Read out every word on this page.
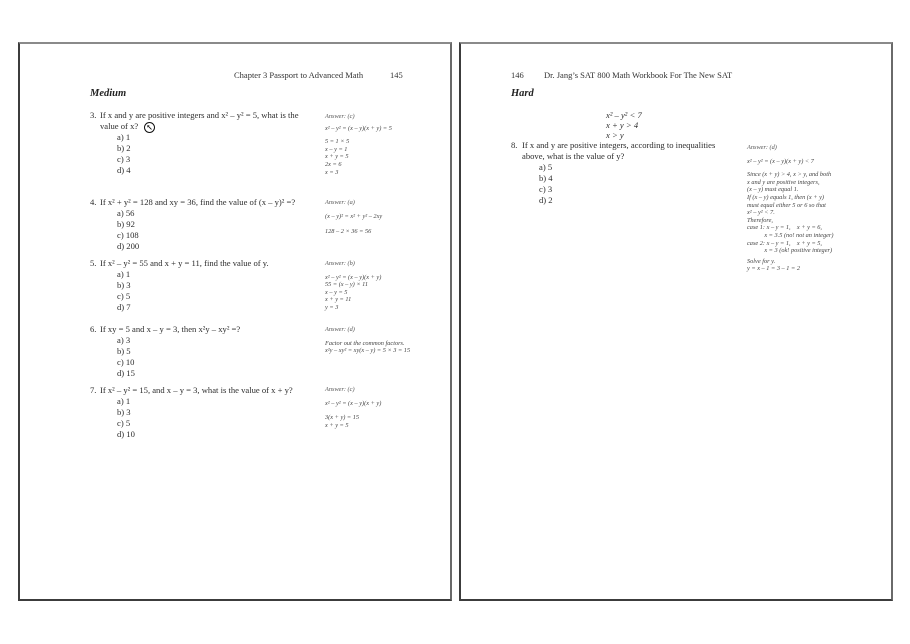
Chapter 3 Passport to Advanced Math	145
Medium
3. If x and y are positive integers and x² – y² = 5, what is the
value of x?
a) 1
b) 2
c) 3
d) 4
Answer: (c)
x² – y² = (x – y)(x + y) = 5
5 = 1 × 5
x – y = 1
x + y = 5
2x = 6
x = 3
4. If x² + y² = 128 and xy = 36, find the value of (x – y)² =?
a) 56
b) 92
c) 108
d) 200
Answer: (a)
(x – y)² = x² + y² – 2xy
128 – 2 × 36 = 56
5. If x² – y² = 55 and x + y = 11, find the value of y.
a) 1
b) 3
c) 5
d) 7
Answer: (b)
x² – y² = (x – y)(x + y)
55 = (x – y) × 11
x – y = 5
x + y = 11
y = 3
6. If xy = 5 and x – y = 3, then x²y – xy² =?
a) 3
b) 5
c) 10
d) 15
Answer: (d)
Factor out the common factors.
x²y – xy² = xy(x – y) = 5 × 3 = 15
7. If x² – y² = 15, and x – y = 3, what is the value of x + y?
a) 1
b) 3
c) 5
d) 10
Answer: (c)
x² – y² = (x – y)(x + y)
3(x + y) = 15
x + y = 5
↖
146 Dr. Jang’s SAT 800 Math Workbook For The New SAT
Hard
x² – y² < 7
x + y > 4
x > y
8. If x and y are positive integers, according to inequalities
above, what is the value of y?
a) 5
b) 4
c) 3
d) 2
Answer: (d)
x² – y² = (x – y)(x + y) < 7
Since (x + y) > 4, x > y, and both
x and y are positive integers,
(x – y) must equal 1.
If (x – y) equals 1, then (x + y)
must equal either 5 or 6 so that
x² – y² < 7.
Therefore,
case 1: x – y = 1,    x + y = 6,
x = 3.5 (no! not an integer)
case 2: x – y = 1,    x + y = 5,
x = 3 (ok! positive integer)
Solve for y.
y = x – 1 = 3 – 1 = 2
